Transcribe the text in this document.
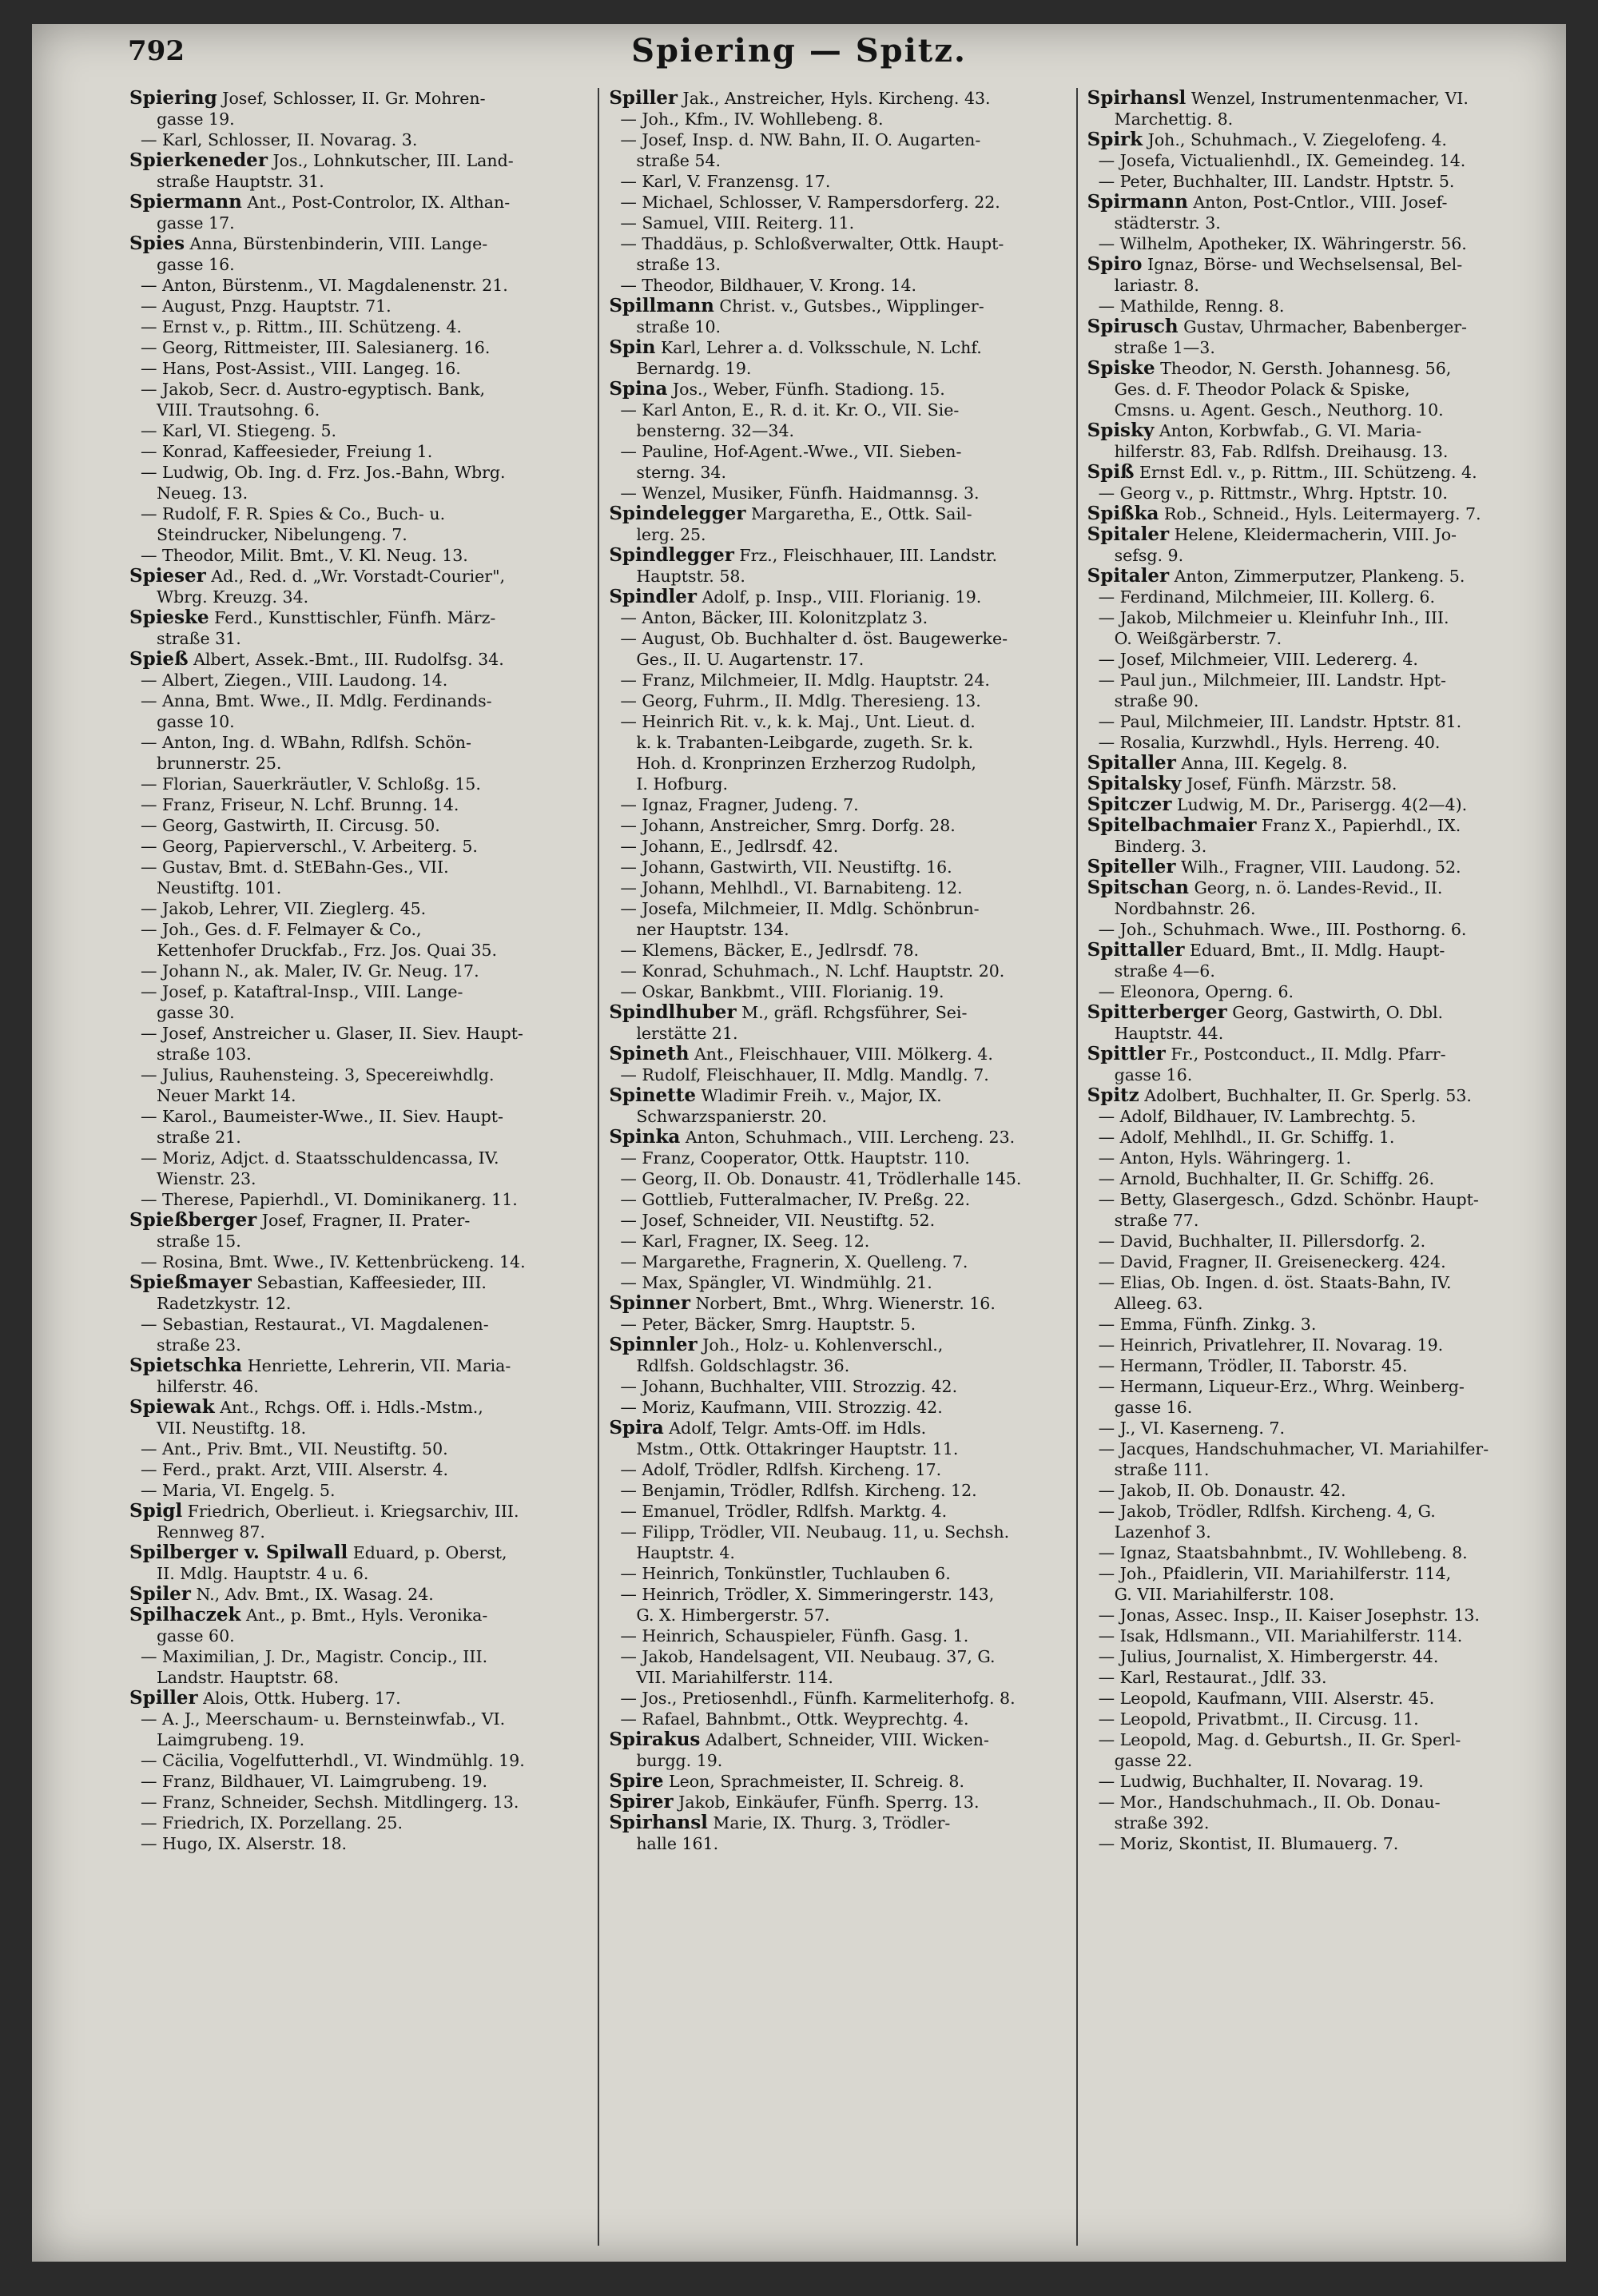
792	Spiering — Spitz.

Spiering Josef, Schlosser, II. Gr. Mohren-

gasse 19.

— Karl, Schlosser, II. Novarag. 3.

Spierkeneder Jos., Lohnkutscher, III. Land-

straße Hauptstr. 31.

Spiermann Ant., Post-Controlor, IX. Althan-

gasse 17.

Spies Anna, Bürstenbinderin, VIII. Lange-

gasse 16.

— Anton, Bürstenm., VI. Magdalenenstr. 21.

— August, Pnzg. Hauptstr. 71.

— Ernst v., p. Rittm., III. Schützeng. 4.

— Georg, Rittmeister, III. Salesianerg. 16.

— Hans, Post-Assist., VIII. Langeg. 16.

— Jakob, Secr. d. Austro-egyptisch. Bank,

VIII. Trautsohng. 6.

— Karl, VI. Stiegeng. 5.

— Konrad, Kaffeesieder, Freiung 1.

— Ludwig, Ob. Ing. d. Frz. Jos.-Bahn, Wbrg.

Neueg. 13.

— Rudolf, F. R. Spies & Co., Buch- u.

Steindrucker, Nibelungeng. 7.

— Theodor, Milit. Bmt., V. Kl. Neug. 13.

Spieser Ad., Red. d. „Wr. Vorstadt-Courier",

Wbrg. Kreuzg. 34.

Spieske Ferd., Kunsttischler, Fünfh. März-

straße 31.

Spieß Albert, Assek.-Bmt., III. Rudolfsg. 34.

— Albert, Ziegen., VIII. Laudong. 14.

— Anna, Bmt. Wwe., II. Mdlg. Ferdinands-

gasse 10.

— Anton, Ing. d. WBahn, Rdlfsh. Schön-

brunnerstr. 25.

— Florian, Sauerkräutler, V. Schloßg. 15.

— Franz, Friseur, N. Lchf. Brunng. 14.

— Georg, Gastwirth, II. Circusg. 50.

— Georg, Papierverschl., V. Arbeiterg. 5.

— Gustav, Bmt. d. StEBahn-Ges., VII.

Neustiftg. 101.

— Jakob, Lehrer, VII. Zieglerg. 45.

— Joh., Ges. d. F. Felmayer & Co.,

Kettenhofer Druckfab., Frz. Jos. Quai 35.

— Johann N., ak. Maler, IV. Gr. Neug. 17.

— Josef, p. Kataftral-Insp., VIII. Lange-

gasse 30.

— Josef, Anstreicher u. Glaser, II. Siev. Haupt-

straße 103.

— Julius, Rauhensteing. 3, Specereiwhdlg.

Neuer Markt 14.

— Karol., Baumeister-Wwe., II. Siev. Haupt-

straße 21.

— Moriz, Adjct. d. Staatsschuldencassa, IV.

Wienstr. 23.

— Therese, Papierhdl., VI. Dominikanerg. 11.

Spießberger Josef, Fragner, II. Prater-

straße 15.

— Rosina, Bmt. Wwe., IV. Kettenbrückeng. 14.

Spießmayer Sebastian, Kaffeesieder, III.

Radetzkystr. 12.

— Sebastian, Restaurat., VI. Magdalenen-

straße 23.

Spietschka Henriette, Lehrerin, VII. Maria-

hilferstr. 46.

Spiewak Ant., Rchgs. Off. i. Hdls.-Mstm.,

VII. Neustiftg. 18.

— Ant., Priv. Bmt., VII. Neustiftg. 50.

— Ferd., prakt. Arzt, VIII. Alserstr. 4.

— Maria, VI. Engelg. 5.

Spigl Friedrich, Oberlieut. i. Kriegsarchiv, III.

Rennweg 87.

Spilberger v. Spilwall Eduard, p. Oberst,

II. Mdlg. Hauptstr. 4 u. 6.

Spiler N., Adv. Bmt., IX. Wasag. 24.

Spilhaczek Ant., p. Bmt., Hyls. Veronika-

gasse 60.

— Maximilian, J. Dr., Magistr. Concip., III.

Landstr. Hauptstr. 68.

Spiller Alois, Ottk. Huberg. 17.

— A. J., Meerschaum- u. Bernsteinwfab., VI.

Laimgrubeng. 19.

— Cäcilia, Vogelfutterhdl., VI. Windmühlg. 19.

— Franz, Bildhauer, VI. Laimgrubeng. 19.

— Franz, Schneider, Sechsh. Mitdlingerg. 13.

— Friedrich, IX. Porzellang. 25.

— Hugo, IX. Alserstr. 18.

Spiller Jak., Anstreicher, Hyls. Kircheng. 43.

— Joh., Kfm., IV. Wohllebeng. 8.

— Josef, Insp. d. NW. Bahn, II. O. Augarten-

straße 54.

— Karl, V. Franzensg. 17.

— Michael, Schlosser, V. Rampersdorferg. 22.

— Samuel, VIII. Reiterg. 11.

— Thaddäus, p. Schloßverwalter, Ottk. Haupt-

straße 13.

— Theodor, Bildhauer, V. Krong. 14.

Spillmann Christ. v., Gutsbes., Wipplinger-

straße 10.

Spin Karl, Lehrer a. d. Volksschule, N. Lchf.

Bernardg. 19.

Spina Jos., Weber, Fünfh. Stadiong. 15.

— Karl Anton, E., R. d. it. Kr. O., VII. Sie-

bensterng. 32—34.

— Pauline, Hof-Agent.-Wwe., VII. Sieben-

sterng. 34.

— Wenzel, Musiker, Fünfh. Haidmannsg. 3.

Spindelegger Margaretha, E., Ottk. Sail-

lerg. 25.

Spindlegger Frz., Fleischhauer, III. Landstr.

Hauptstr. 58.

Spindler Adolf, p. Insp., VIII. Florianig. 19.

— Anton, Bäcker, III. Kolonitzplatz 3.

— August, Ob. Buchhalter d. öst. Baugewerke-

Ges., II. U. Augartenstr. 17.

— Franz, Milchmeier, II. Mdlg. Hauptstr. 24.

— Georg, Fuhrm., II. Mdlg. Theresieng. 13.

— Heinrich Rit. v., k. k. Maj., Unt. Lieut. d.

k. k. Trabanten-Leibgarde, zugeth. Sr. k.

Hoh. d. Kronprinzen Erzherzog Rudolph,

I. Hofburg.

— Ignaz, Fragner, Judeng. 7.

— Johann, Anstreicher, Smrg. Dorfg. 28.

— Johann, E., Jedlrsdf. 42.

— Johann, Gastwirth, VII. Neustiftg. 16.

— Johann, Mehlhdl., VI. Barnabiteng. 12.

— Josefa, Milchmeier, II. Mdlg. Schönbrun-

ner Hauptstr. 134.

— Klemens, Bäcker, E., Jedlrsdf. 78.

— Konrad, Schuhmach., N. Lchf. Hauptstr. 20.

— Oskar, Bankbmt., VIII. Florianig. 19.

Spindlhuber M., gräfl. Rchgsführer, Sei-

lerstätte 21.

Spineth Ant., Fleischhauer, VIII. Mölkerg. 4.

— Rudolf, Fleischhauer, II. Mdlg. Mandlg. 7.

Spinette Wladimir Freih. v., Major, IX.

Schwarzspanierstr. 20.

Spinka Anton, Schuhmach., VIII. Lercheng. 23.

— Franz, Cooperator, Ottk. Hauptstr. 110.

— Georg, II. Ob. Donaustr. 41, Trödlerhalle 145.

— Gottlieb, Futteralmacher, IV. Preßg. 22.

— Josef, Schneider, VII. Neustiftg. 52.

— Karl, Fragner, IX. Seeg. 12.

— Margarethe, Fragnerin, X. Quelleng. 7.

— Max, Spängler, VI. Windmühlg. 21.

Spinner Norbert, Bmt., Whrg. Wienerstr. 16.

— Peter, Bäcker, Smrg. Hauptstr. 5.

Spinnler Joh., Holz- u. Kohlenverschl.,

Rdlfsh. Goldschlagstr. 36.

— Johann, Buchhalter, VIII. Strozzig. 42.

— Moriz, Kaufmann, VIII. Strozzig. 42.

Spira Adolf, Telgr. Amts-Off. im Hdls.

Mstm., Ottk. Ottakringer Hauptstr. 11.

— Adolf, Trödler, Rdlfsh. Kircheng. 17.

— Benjamin, Trödler, Rdlfsh. Kircheng. 12.

— Emanuel, Trödler, Rdlfsh. Marktg. 4.

— Filipp, Trödler, VII. Neubaug. 11, u. Sechsh.

Hauptstr. 4.

— Heinrich, Tonkünstler, Tuchlauben 6.

— Heinrich, Trödler, X. Simmeringerstr. 143,

G. X. Himbergerstr. 57.

— Heinrich, Schauspieler, Fünfh. Gasg. 1.

— Jakob, Handelsagent, VII. Neubaug. 37, G.

VII. Mariahilferstr. 114.

— Jos., Pretiosenhdl., Fünfh. Karmeliterhofg. 8.

— Rafael, Bahnbmt., Ottk. Weyprechtg. 4.

Spirakus Adalbert, Schneider, VIII. Wicken-

burgg. 19.

Spire Leon, Sprachmeister, II. Schreig. 8.

Spirer Jakob, Einkäufer, Fünfh. Sperrg. 13.

Spirhansl Marie, IX. Thurg. 3, Trödler-

halle 161.

Spirhansl Wenzel, Instrumentenmacher, VI.

Marchettig. 8.

Spirk Joh., Schuhmach., V. Ziegelofeng. 4.

— Josefa, Victualienhdl., IX. Gemeindeg. 14.

— Peter, Buchhalter, III. Landstr. Hptstr. 5.

Spirmann Anton, Post-Cntlor., VIII. Josef-

städterstr. 3.

— Wilhelm, Apotheker, IX. Währingerstr. 56.

Spiro Ignaz, Börse- und Wechselsensal, Bel-

lariastr. 8.

— Mathilde, Renng. 8.

Spirusch Gustav, Uhrmacher, Babenberger-

straße 1—3.

Spiske Theodor, N. Gersth. Johannesg. 56,

Ges. d. F. Theodor Polack & Spiske,

Cmsns. u. Agent. Gesch., Neuthorg. 10.

Spisky Anton, Korbwfab., G. VI. Maria-

hilferstr. 83, Fab. Rdlfsh. Dreihausg. 13.

Spiß Ernst Edl. v., p. Rittm., III. Schützeng. 4.

— Georg v., p. Rittmstr., Whrg. Hptstr. 10.

Spißka Rob., Schneid., Hyls. Leitermayerg. 7.

Spitaler Helene, Kleidermacherin, VIII. Jo-

sefsg. 9.

Spitaler Anton, Zimmerputzer, Plankeng. 5.

— Ferdinand, Milchmeier, III. Kollerg. 6.

— Jakob, Milchmeier u. Kleinfuhr Inh., III.

O. Weißgärberstr. 7.

— Josef, Milchmeier, VIII. Ledererg. 4.

— Paul jun., Milchmeier, III. Landstr. Hpt-

straße 90.

— Paul, Milchmeier, III. Landstr. Hptstr. 81.

— Rosalia, Kurzwhdl., Hyls. Herreng. 40.

Spitaller Anna, III. Kegelg. 8.

Spitalsky Josef, Fünfh. Märzstr. 58.

Spitczer Ludwig, M. Dr., Parisergg. 4(2—4).

Spitelbachmaier Franz X., Papierhdl., IX.

Binderg. 3.

Spiteller Wilh., Fragner, VIII. Laudong. 52.

Spitschan Georg, n. ö. Landes-Revid., II.

Nordbahnstr. 26.

— Joh., Schuhmach. Wwe., III. Posthorng. 6.

Spittaller Eduard, Bmt., II. Mdlg. Haupt-

straße 4—6.

— Eleonora, Operng. 6.

Spitterberger Georg, Gastwirth, O. Dbl.

Hauptstr. 44.

Spittler Fr., Postconduct., II. Mdlg. Pfarr-

gasse 16.

Spitz Adolbert, Buchhalter, II. Gr. Sperlg. 53.

— Adolf, Bildhauer, IV. Lambrechtg. 5.

— Adolf, Mehlhdl., II. Gr. Schiffg. 1.

— Anton, Hyls. Währingerg. 1.

— Arnold, Buchhalter, II. Gr. Schiffg. 26.

— Betty, Glasergesch., Gdzd. Schönbr. Haupt-

straße 77.

— David, Buchhalter, II. Pillersdorfg. 2.

— David, Fragner, II. Greiseneckerg. 424.

— Elias, Ob. Ingen. d. öst. Staats-Bahn, IV.

Alleeg. 63.

— Emma, Fünfh. Zinkg. 3.

— Heinrich, Privatlehrer, II. Novarag. 19.

— Hermann, Trödler, II. Taborstr. 45.

— Hermann, Liqueur-Erz., Whrg. Weinberg-

gasse 16.

— J., VI. Kaserneng. 7.

— Jacques, Handschuhmacher, VI. Mariahilfer-

straße 111.

— Jakob, II. Ob. Donaustr. 42.

— Jakob, Trödler, Rdlfsh. Kircheng. 4, G.

Lazenhof 3.

— Ignaz, Staatsbahnbmt., IV. Wohllebeng. 8.

— Joh., Pfaidlerin, VII. Mariahilferstr. 114,

G. VII. Mariahilferstr. 108.

— Jonas, Assec. Insp., II. Kaiser Josephstr. 13.

— Isak, Hdlsmann., VII. Mariahilferstr. 114.

— Julius, Journalist, X. Himbergerstr. 44.

— Karl, Restaurat., Jdlf. 33.

— Leopold, Kaufmann, VIII. Alserstr. 45.

— Leopold, Privatbmt., II. Circusg. 11.

— Leopold, Mag. d. Geburtsh., II. Gr. Sperl-

gasse 22.

— Ludwig, Buchhalter, II. Novarag. 19.

— Mor., Handschuhmach., II. Ob. Donau-

straße 392.

— Moriz, Skontist, II. Blumauerg. 7.
